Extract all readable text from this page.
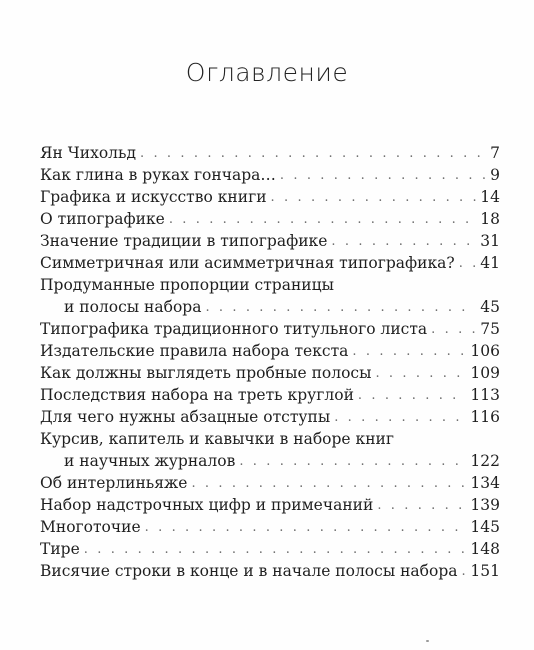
Оглавление
Ян Чихольд . . .	7
Как глина в руках гончара… . . .	9
Графика и искусство книги . . .	14
О типографике . . .	18
Значение традиции в типографике . . .	31
Симметричная или асимметричная типографика? . . . 41
Продуманные пропорции страницы
и полосы набора . . .	45
Типографика традиционного титульного листа . . .	75
Издательские правила набора текста . . .	106
Как должны выглядеть пробные полосы . . .	109
Последствия набора на треть круглой . . .	113
Для чего нужны абзацные отступы . . .	116
Курсив, капитель и кавычки в наборе книг
и научных журналов . . .	122
Об интерлиньяже . . .	134
Набор надстрочных цифр и примечаний . . .	139
Многоточие . . .	145
Тире . . .	148
Висячие строки в конце и в начале полосы набора . . . 151
